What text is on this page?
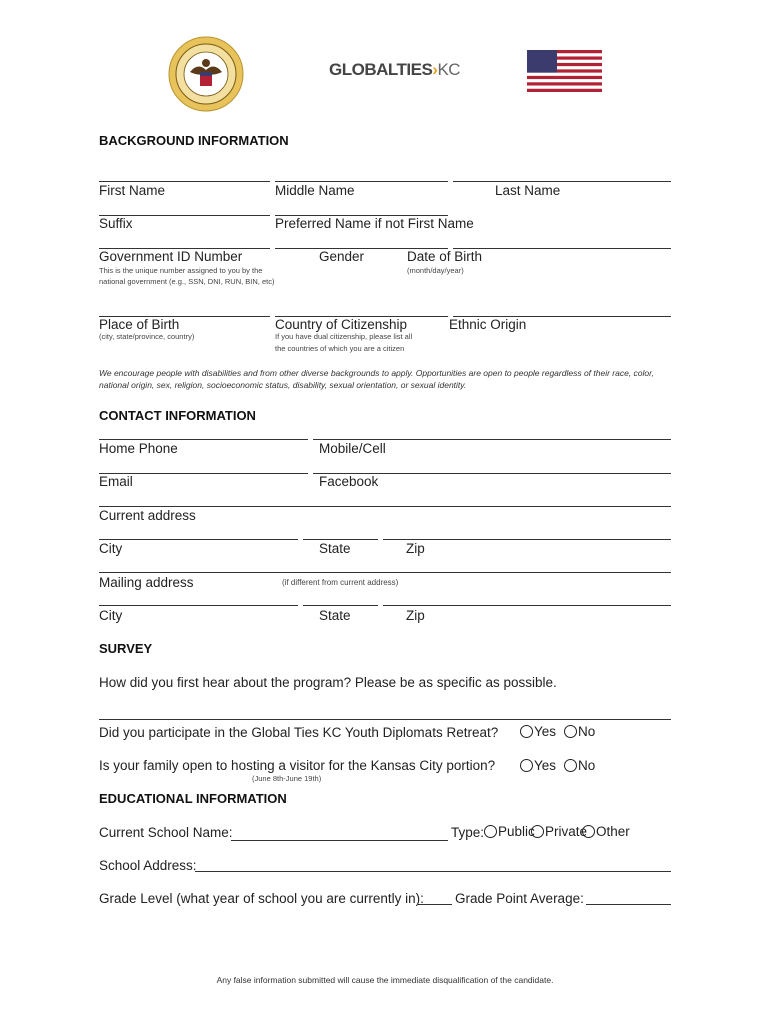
GLOBALTIES›KC
BACKGROUND INFORMATION
First Name	Middle Name	Last Name
Suffix	Preferred Name if not First Name
Government ID Number	Gender	Date of Birth
This is the unique number assigned to you by the
national government (e.g., SSN, DNI, RUN, BIN, etc)
(month/day/year)
Place of Birth	Country of Citizenship	Ethnic Origin
(city, state/province, country)	If you have dual citizenship, please list all
the countries of which you are a citizen
We encourage people with disabilities and from other diverse backgrounds to apply. Opportunities are open to people regardless of their race, color, national origin, sex, religion, socioeconomic status, disability, sexual orientation, or sexual identity.
CONTACT INFORMATION
Home Phone	Mobile/Cell
Email	Facebook
Current address
City	State	Zip
Mailing address	(if different from current address)
City	State	Zip
SURVEY
How did you first hear about the program? Please be as specific as possible.
Did you participate in the Global Ties KC Youth Diplomats Retreat?	Yes	No
Is your family open to hosting a visitor for the Kansas City portion?
(June 8th-June 19th)
Yes	No
EDUCATIONAL INFORMATION
Current School Name:	Type:	Public Private Other
School Address:
Grade Level (what year of school you are currently in): Grade Point Average:
Any false information submitted will cause the immediate disqualification of the candidate.
